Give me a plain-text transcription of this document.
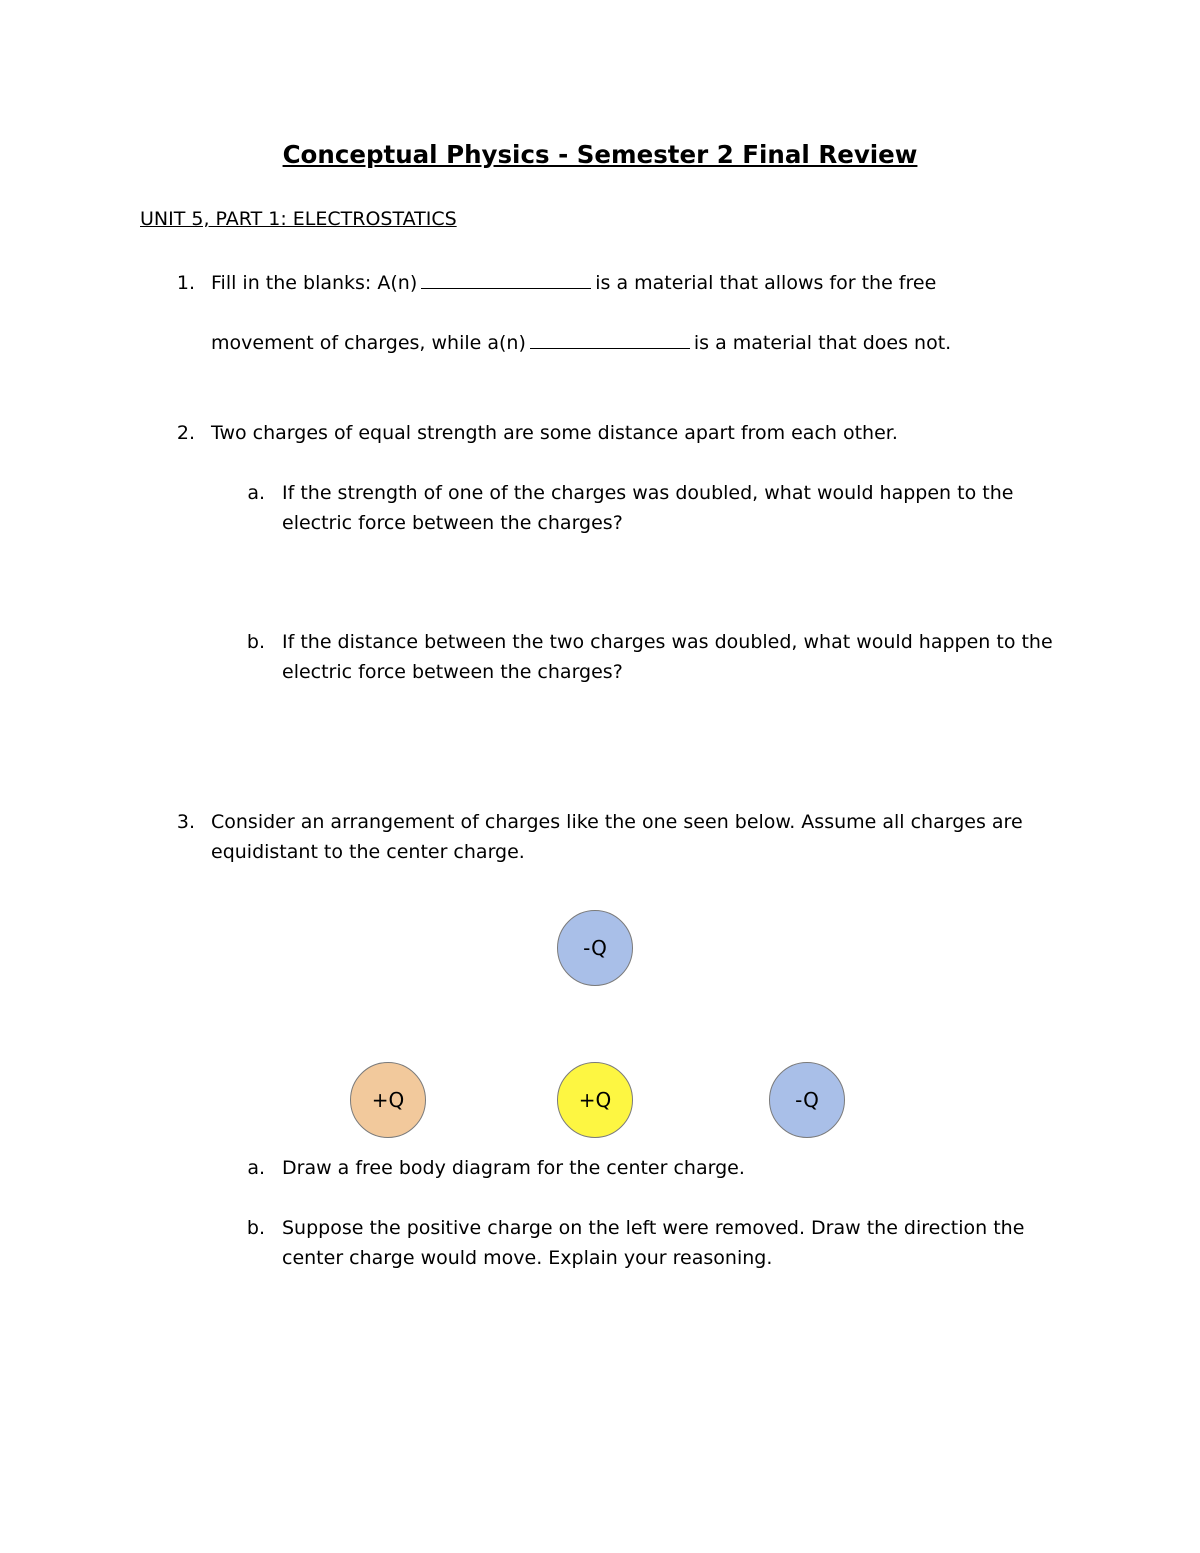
Conceptual Physics - Semester 2 Final Review
UNIT 5, PART 1: ELECTROSTATICS
1. Fill in the blanks: A(n)	is a material that allows for the free
movement of charges, while a(n)	is a material that does not.
2. Two charges of equal strength are some distance apart from each other.
a. If the strength of one of the charges was doubled, what would happen to the
electric force between the charges?
b. If the distance between the two charges was doubled, what would happen to the
electric force between the charges?
3. Consider an arrangement of charges like the one seen below. Assume all charges are
equidistant to the center charge.
-Q
+Q	+Q	-Q
a. Draw a free body diagram for the center charge.
b. Suppose the positive charge on the left were removed. Draw the direction the
center charge would move. Explain your reasoning.
